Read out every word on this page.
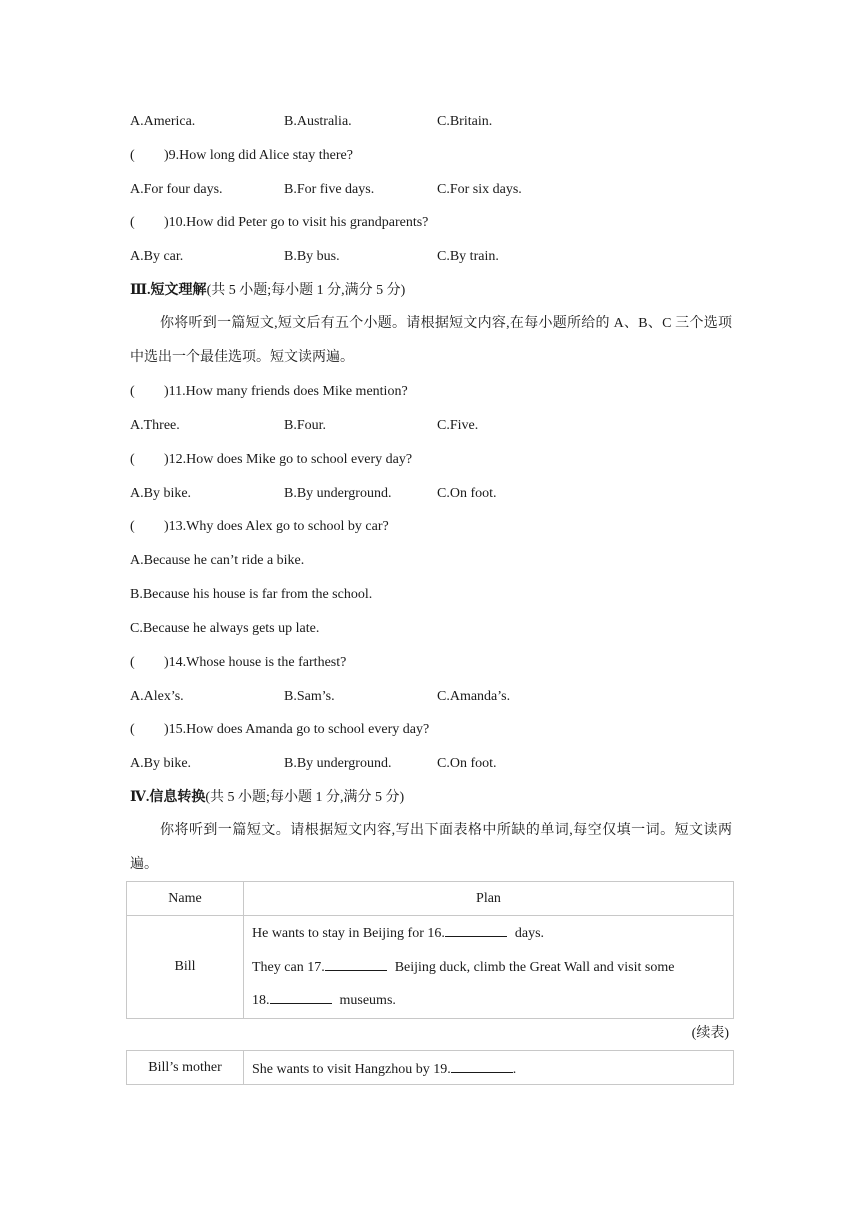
A.America.	B.Australia.	C.Britain.
( )9.How long did Alice stay there?
A.For four days.	B.For five days.	C.For six days.
( )10.How did Peter go to visit his grandparents?
A.By car.	B.By bus.	C.By train.
Ⅲ.短文理解(共 5 小题;每小题 1 分,满分 5 分)
你将听到一篇短文,短文后有五个小题。请根据短文内容,在每小题所给的 A、B、C 三个选项中选出一个最佳选项。短文读两遍。
( )11.How many friends does Mike mention?
A.Three.	B.Four.	C.Five.
( )12.How does Mike go to school every day?
A.By bike.	B.By underground.	C.On foot.
( )13.Why does Alex go to school by car?
A.Because he can’t ride a bike.
B.Because his house is far from the school.
C.Because he always gets up late.
( )14.Whose house is the farthest?
A.Alex’s.	B.Sam’s.	C.Amanda’s.
( )15.How does Amanda go to school every day?
A.By bike.	B.By underground.	C.On foot.
Ⅳ.信息转换(共 5 小题;每小题 1 分,满分 5 分)
你将听到一篇短文。请根据短文内容,写出下面表格中所缺的单词,每空仅填一词。短文读两遍。
Name	Plan
Bill	He wants to stay in Beijing for 16. days.
They can 17. Beijing duck, climb the Great Wall and visit some
18. museums.
(续表)
Bill’s mother	She wants to visit Hangzhou by 19.	.
